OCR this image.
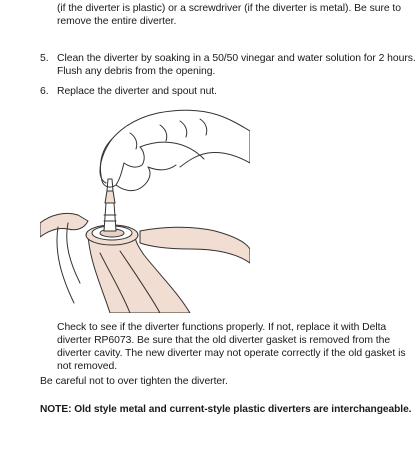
(if the diverter is plastic) or a screwdriver (if the diverter is metal). Be sure to
remove the entire diverter.
5. Clean the diverter by soaking in a 50/50 vinegar and water solution for 2 hours.
Flush any debris from the opening.
6. Replace the diverter and spout nut.
Check to see if the diverter functions properly. If not, replace it with Delta
diverter RP6073. Be sure that the old diverter gasket is removed from the
diverter cavity. The new diverter may not operate correctly if the old gasket is
not removed.
Be careful not to over tighten the diverter.
NOTE: Old style metal and current-style plastic diverters are interchangeable.
